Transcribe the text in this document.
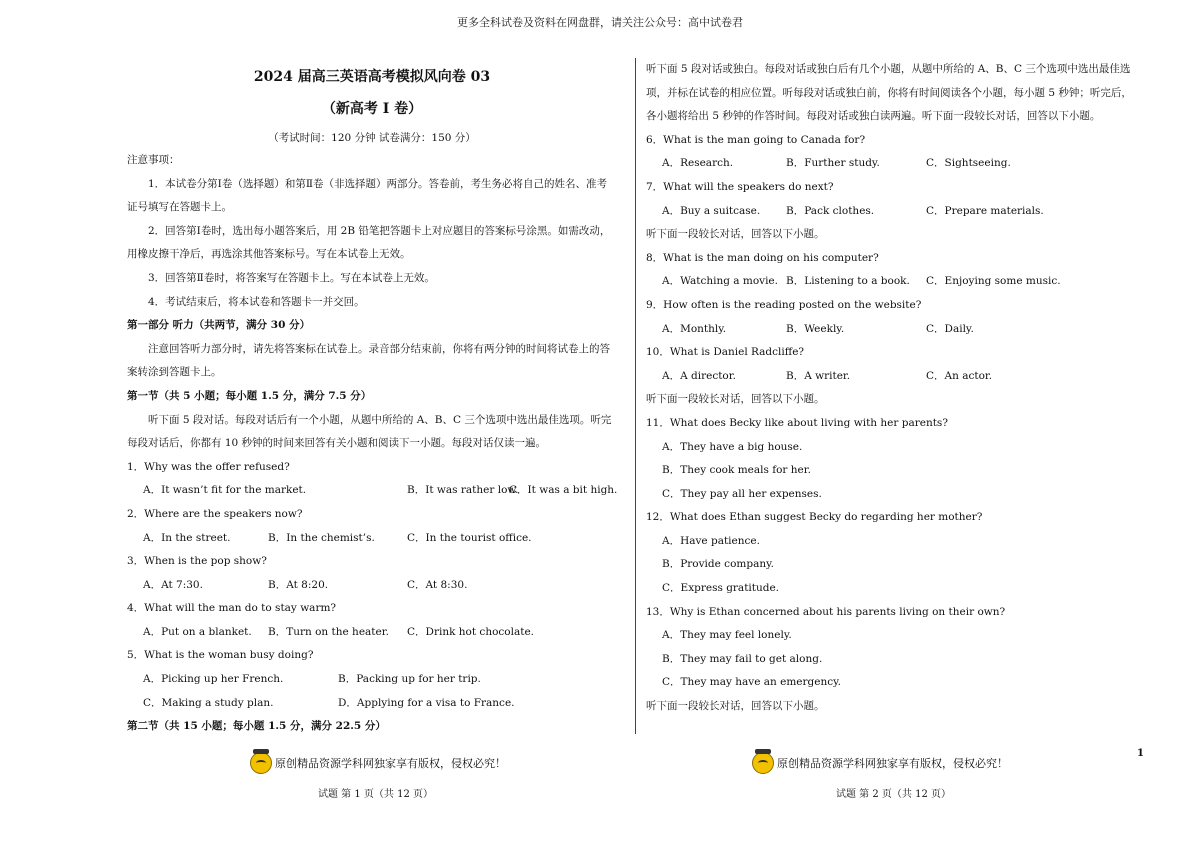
更多全科试卷及资料在网盘群，请关注公众号：高中试卷君
2024 届高三英语高考模拟风向卷 03
（新高考 I 卷）
（考试时间：120 分钟 试卷满分：150 分）

注意事项：

1．本试卷分第Ⅰ卷（选择题）和第Ⅱ卷（非选择题）两部分。答卷前，考生务必将自己的姓名、准考

证号填写在答题卡上。

2．回答第Ⅰ卷时，选出每小题答案后，用 2B 铅笔把答题卡上对应题目的答案标号涂黑。如需改动，

用橡皮擦干净后，再选涂其他答案标号。写在本试卷上无效。

3．回答第Ⅱ卷时，将答案写在答题卡上。写在本试卷上无效。

4．考试结束后，将本试卷和答题卡一并交回。

第一部分 听力（共两节，满分 30 分）

注意回答听力部分时，请先将答案标在试卷上。录音部分结束前，你将有两分钟的时间将试卷上的答

案转涂到答题卡上。

第一节（共 5 小题；每小题 1.5 分，满分 7.5 分）

听下面 5 段对话。每段对话后有一个小题，从题中所给的 A、B、C 三个选项中选出最佳选项。听完

每段对话后，你都有 10 秒钟的时间来回答有关小题和阅读下一小题。每段对话仅读一遍。

1．Why was the offer refused?
A．It wasn’t fit for the market.	B．It was rather low.
C．It was a bit high.
2．Where are the speakers now?
A．In the street.	B．In the chemist’s.	C．In the tourist office.
3．When is the pop show?
A．At 7:30.	B．At 8:20.	C．At 8:30.
4．What will the man do to stay warm?
A．Put on a blanket. B．Turn on the heater. C．Drink hot chocolate.
5．What is the woman busy doing?
A．Picking up her French.	B．Packing up for her trip.
C．Making a study plan.	D．Applying for a visa to France.

第二节（共 15 小题；每小题 1.5 分，满分 22.5 分）

听下面 5 段对话或独白。每段对话或独白后有几个小题，从题中所给的 A、B、C 三个选项中选出最佳选

项，并标在试卷的相应位置。听每段对话或独白前，你将有时间阅读各个小题，每小题 5 秒钟；听完后，

各小题将给出 5 秒钟的作答时间。每段对话或独白读两遍。听下面一段较长对话，回答以下小题。

6．What is the man going to Canada for?
A．Research.	B．Further study.	C．Sightseeing.
7．What will the speakers do next?
A．Buy a suitcase. B．Pack clothes.	C．Prepare materials.

听下面一段较长对话，回答以下小题。

8．What is the man doing on his computer?
A．Watching a movie. B．Listening to a book. C．Enjoying some music.
9．How often is the reading posted on the website?
A．Monthly.	B．Weekly.	C．Daily.
10．What is Daniel Radcliffe?
A．A director.	B．A writer.	C．An actor.

听下面一段较长对话，回答以下小题。

11．What does Becky like about living with her parents?
A．They have a big house.
B．They cook meals for her.
C．They pay all her expenses.
12．What does Ethan suggest Becky do regarding her mother?
A．Have patience.
B．Provide company.
C．Express gratitude.
13．Why is Ethan concerned about his parents living on their own?
A．They may feel lonely.
B．They may fail to get along.
C．They may have an emergency.

听下面一段较长对话，回答以下小题。

原创精品资源学科网独家享有版权，侵权必究！	原创精品资源学科网独家享有版权，侵权必究！
试题 第 1 页（共 12 页）	试题 第 2 页（共 12 页）
1
